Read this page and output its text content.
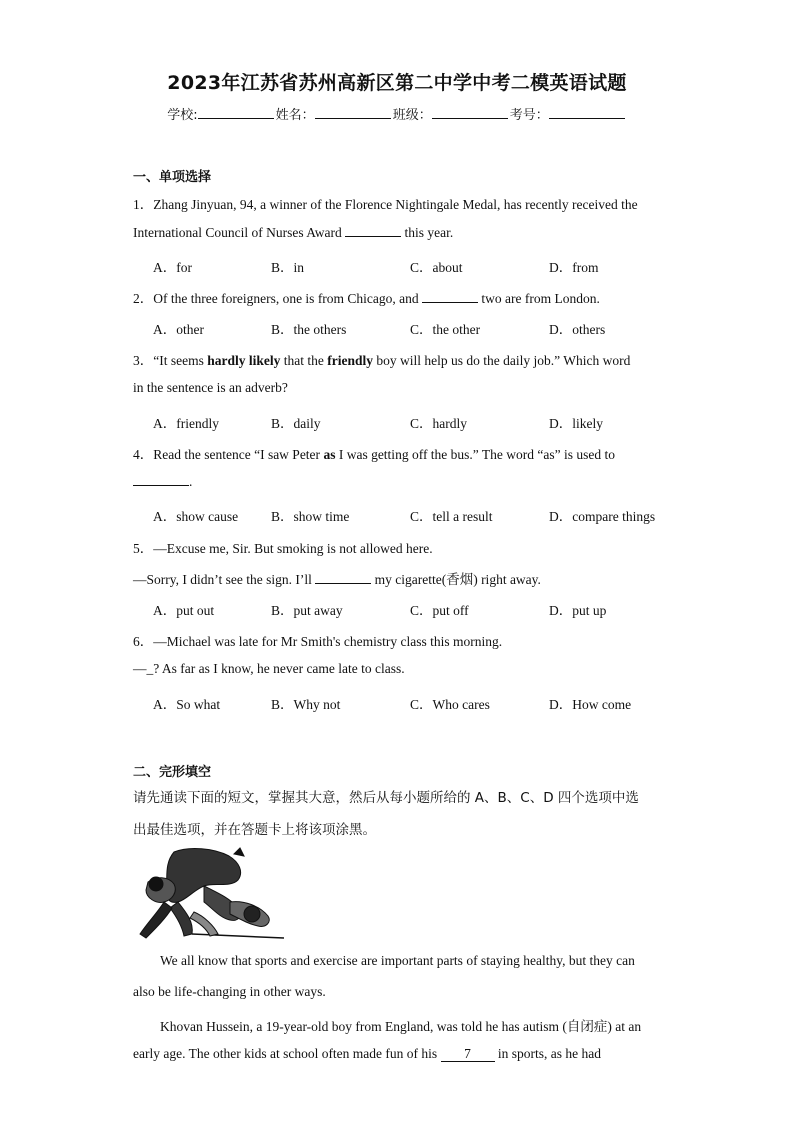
2023年江苏省苏州高新区第二中学中考二模英语试题
学校:	姓名：	班级：	考号：
一、单项选择
1．Zhang Jinyuan, 94, a winner of the Florence Nightingale Medal, has recently received the
International Council of Nurses Award	this year.
A．for	B．in	C．about	D．from
2．Of the three foreigners, one is from Chicago, and	two are from London.
A．other	B．the others	C．the other	D．others
3．“It seems hardly likely that the friendly boy will help us do the daily job.” Which word
in the sentence is an adverb?
A．friendly	B．daily	C．hardly	D．likely
4．Read the sentence “I saw Peter as I was getting off the bus.” The word “as” is used to
.
A．show cause B．show time	C．tell a result	D．compare things
5．—Excuse me, Sir. But smoking is not allowed here.
—Sorry, I didn’t see the sign. I’ll	my cigarette(香烟) right away.
A．put out	B．put away	C．put off	D．put up
6．—Michael was late for Mr Smith's chemistry class this morning.
—_? As far as I know, he never came late to class.
A．So what	B．Why not	C．Who cares	D．How come
二、完形填空
请先通读下面的短文，掌握其大意，然后从每小题所给的 A、B、C、D 四个选项中选
出最佳选项，并在答题卡上将该项涂黑。
We all know that sports and exercise are important parts of staying healthy, but they can
also be life-changing in other ways.
Khovan Hussein, a 19-year-old boy from England, was told he has autism (自闭症) at an
early age. The other kids at school often made fun of his 7 in sports, as he had
